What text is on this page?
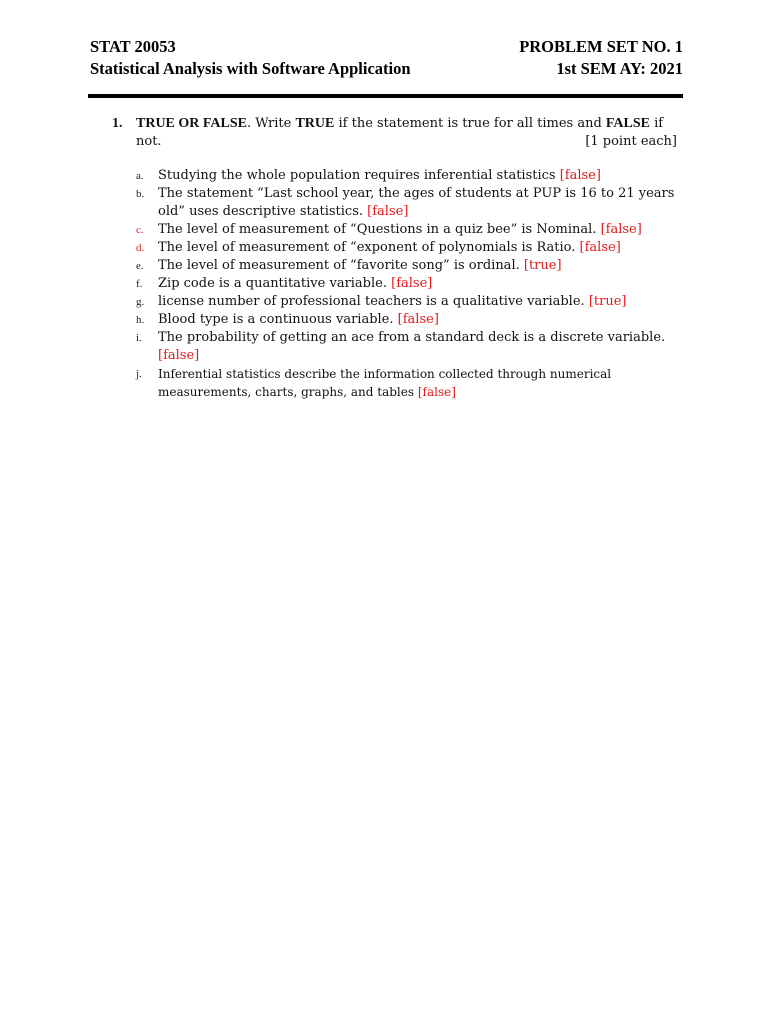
STAT 20053	PROBLEM SET NO. 1
Statistical Analysis with Software Application	1st SEM AY: 2021
1. TRUE OR FALSE. Write TRUE if the statement is true for all times and FALSE if
not.	[1 point each]
a.	Studying the whole population requires inferential statistics [false]
b.	The statement “Last school year, the ages of students at PUP is 16 to 21 years old” uses descriptive statistics. [false]
c.	The level of measurement of “Questions in a quiz bee” is Nominal. [false]
d.	The level of measurement of “exponent of polynomials is Ratio. [false]
e.	The level of measurement of “favorite song” is ordinal. [true]
f.	Zip code is a quantitative variable. [false]
g.	license number of professional teachers is a qualitative variable. [true]
h.	Blood type is a continuous variable. [false]
i.	The probability of getting an ace from a standard deck is a discrete variable. [false]
j.	Inferential statistics describe the information collected through numerical measurements, charts, graphs, and tables [false]
